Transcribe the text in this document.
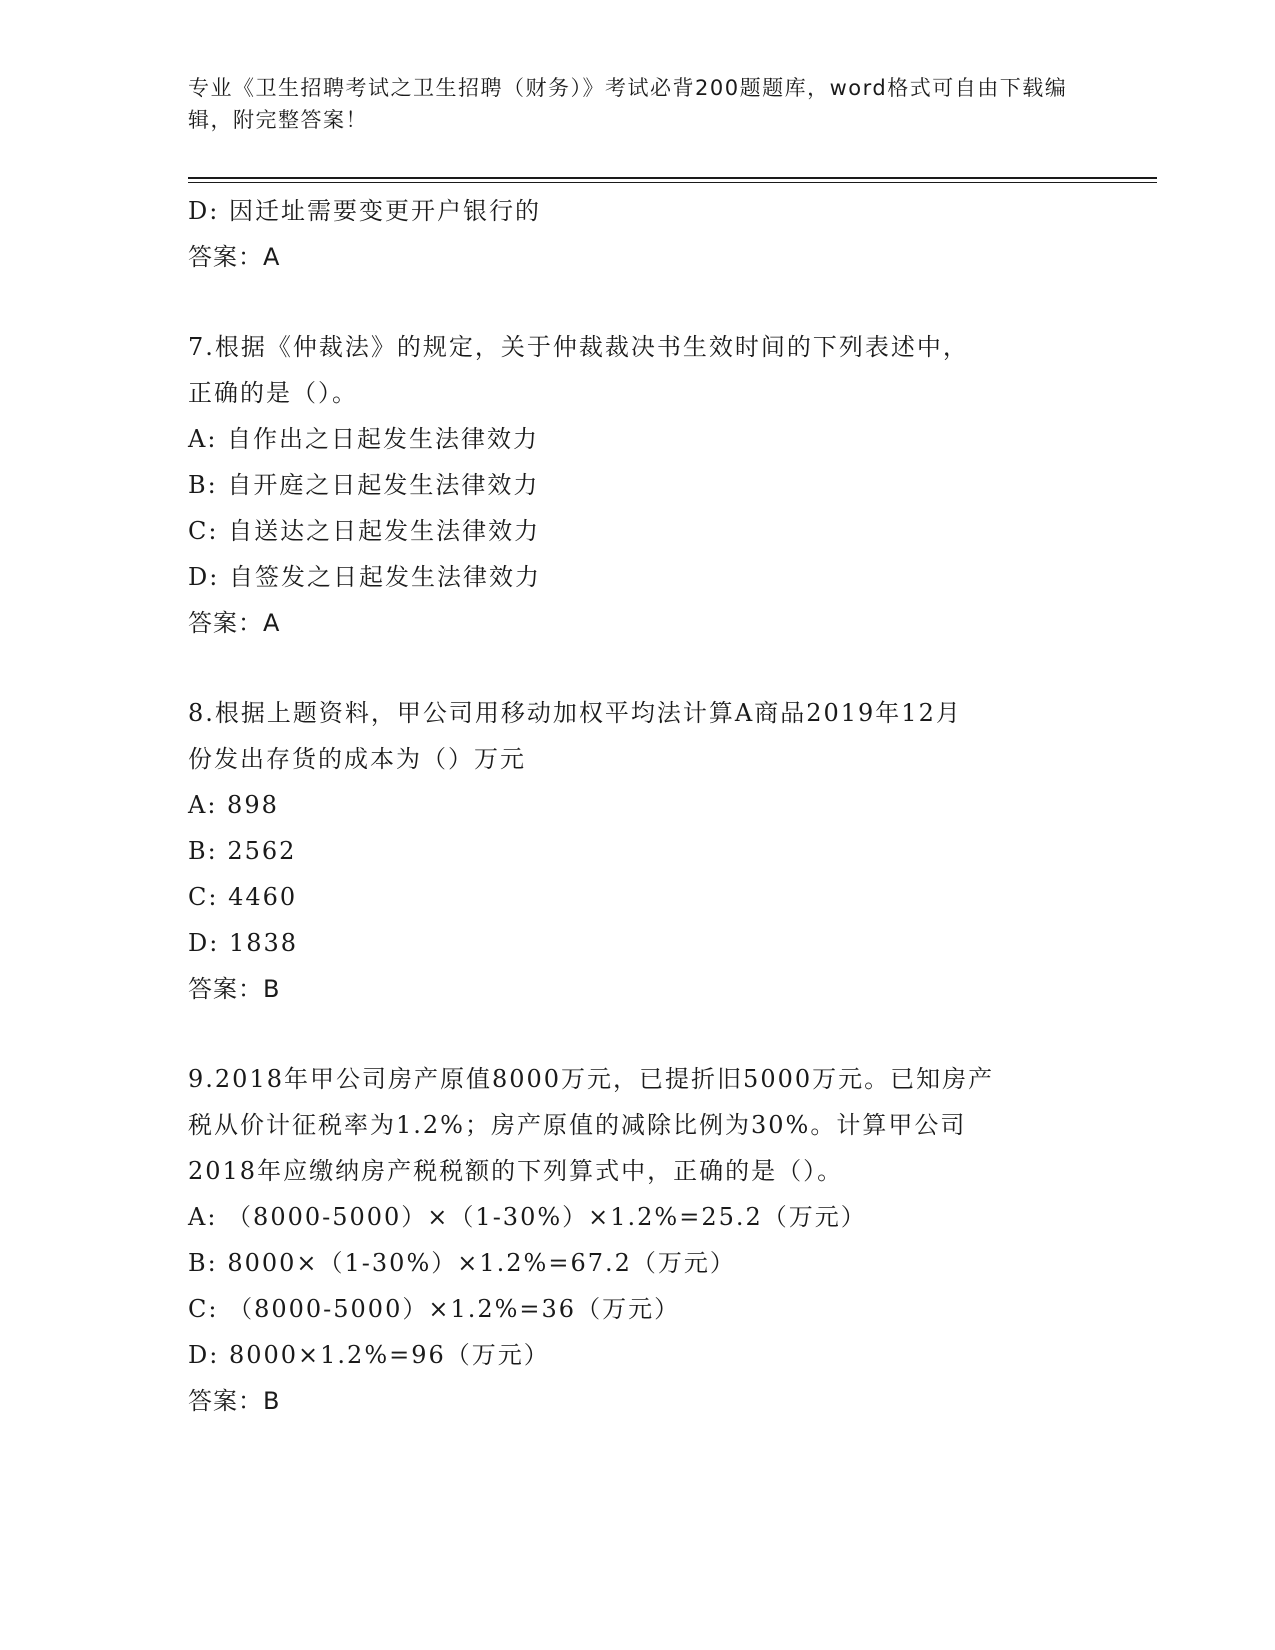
专业《卫生招聘考试之卫生招聘（财务）》考试必背200题题库，word格式可自由下载编辑，附完整答案！
D: 因迁址需要变更开户银行的
答案：A
7.根据《仲裁法》的规定，关于仲裁裁决书生效时间的下列表述中，
正确的是（）。
A: 自作出之日起发生法律效力
B: 自开庭之日起发生法律效力
C: 自送达之日起发生法律效力
D: 自签发之日起发生法律效力
答案：A
8.根据上题资料，甲公司用移动加权平均法计算A商品2019年12月
份发出存货的成本为（）万元
A: 898
B: 2562
C: 4460
D: 1838
答案：B
9.2018年甲公司房产原值8000万元，已提折旧5000万元。已知房产
税从价计征税率为1.2%；房产原值的减除比例为30%。计算甲公司
2018年应缴纳房产税税额的下列算式中，正确的是（）。
A: （8000-5000）×（1-30%）×1.2%=25.2（万元）
B: 8000×（1-30%）×1.2%=67.2（万元）
C: （8000-5000）×1.2%=36（万元）
D: 8000×1.2%=96（万元）
答案：B
